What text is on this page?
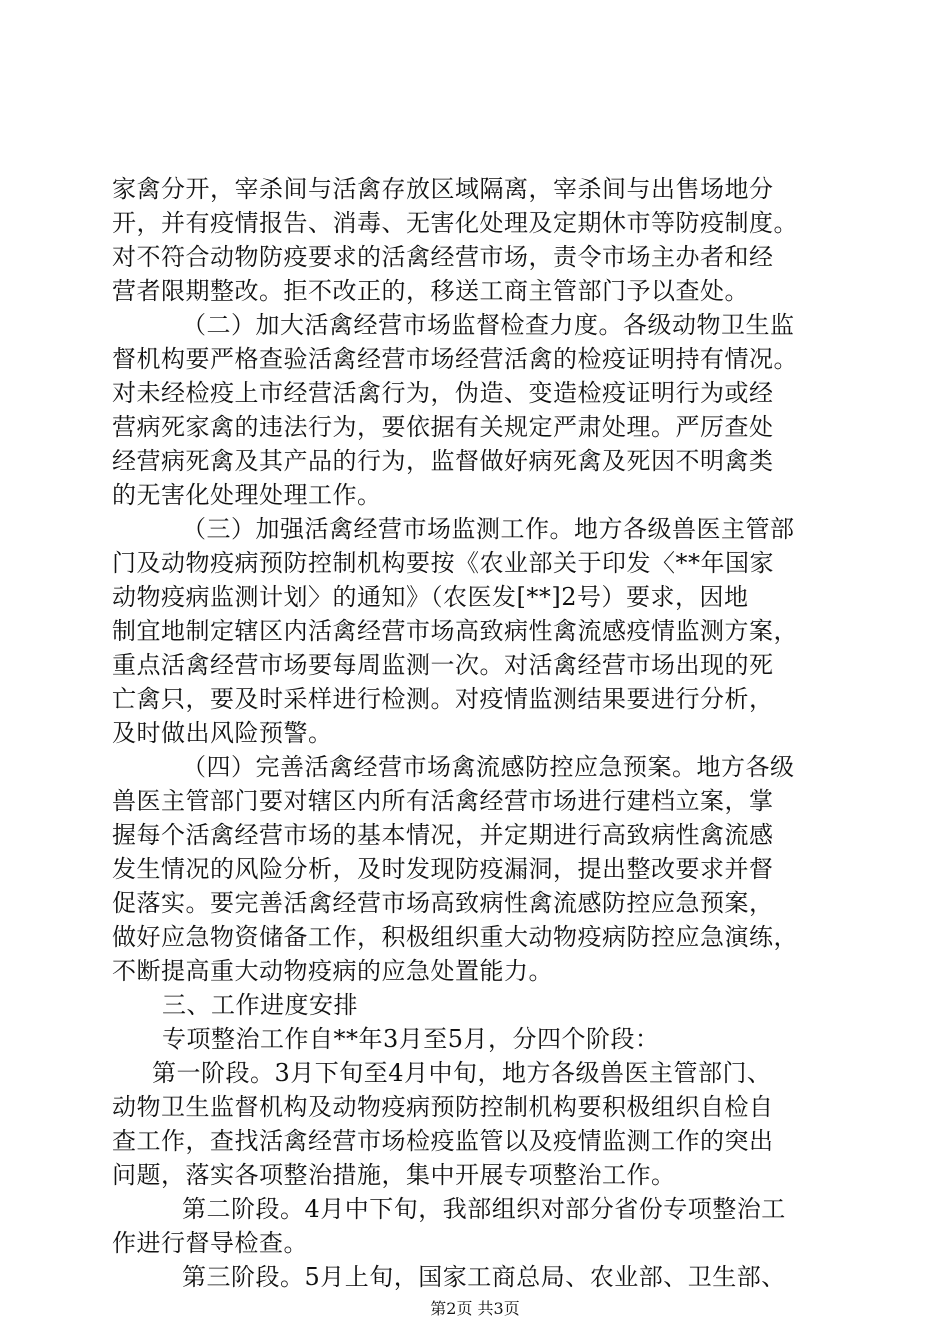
家禽分开，宰杀间与活禽存放区域隔离，宰杀间与出售场地分
开，并有疫情报告、消毒、无害化处理及定期休市等防疫制度。
对不符合动物防疫要求的活禽经营市场，责令市场主办者和经
营者限期整改。拒不改正的，移送工商主管部门予以查处。
（二）加大活禽经营市场监督检查力度。各级动物卫生监
督机构要严格查验活禽经营市场经营活禽的检疫证明持有情况。
对未经检疫上市经营活禽行为，伪造、变造检疫证明行为或经
营病死家禽的违法行为，要依据有关规定严肃处理。严厉查处
经营病死禽及其产品的行为，监督做好病死禽及死因不明禽类
的无害化处理处理工作。
（三）加强活禽经营市场监测工作。地方各级兽医主管部
门及动物疫病预防控制机构要按《农业部关于印发〈**年国家
动物疫病监测计划〉的通知》（农医发[**]2号）要求，因地
制宜地制定辖区内活禽经营市场高致病性禽流感疫情监测方案，
重点活禽经营市场要每周监测一次。对活禽经营市场出现的死
亡禽只，要及时采样进行检测。对疫情监测结果要进行分析，
及时做出风险预警。
（四）完善活禽经营市场禽流感防控应急预案。地方各级
兽医主管部门要对辖区内所有活禽经营市场进行建档立案，掌
握每个活禽经营市场的基本情况，并定期进行高致病性禽流感
发生情况的风险分析，及时发现防疫漏洞，提出整改要求并督
促落实。要完善活禽经营市场高致病性禽流感防控应急预案，
做好应急物资储备工作，积极组织重大动物疫病防控应急演练，
不断提高重大动物疫病的应急处置能力。
三、工作进度安排
专项整治工作自**年3月至5月，分四个阶段：
第一阶段。3月下旬至4月中旬，地方各级兽医主管部门、
动物卫生监督机构及动物疫病预防控制机构要积极组织自检自
查工作，查找活禽经营市场检疫监管以及疫情监测工作的突出
问题，落实各项整治措施，集中开展专项整治工作。
第二阶段。4月中下旬，我部组织对部分省份专项整治工
作进行督导检查。
第三阶段。5月上旬，国家工商总局、农业部、卫生部、
第2页 共3页
